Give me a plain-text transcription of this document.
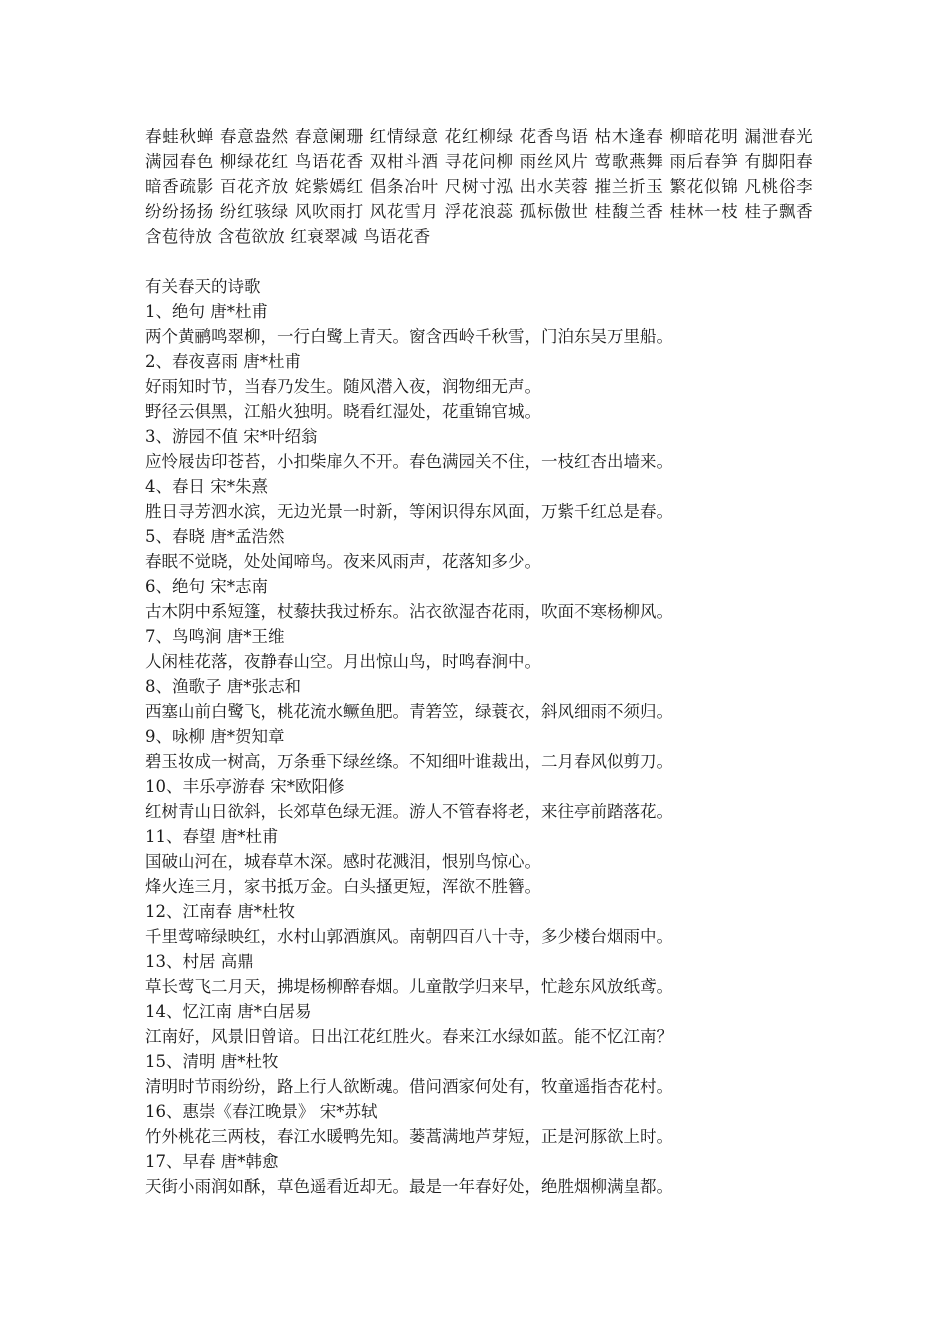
春蛙秋蝉 春意盎然 春意阑珊 红情绿意 花红柳绿 花香鸟语 枯木逢春 柳暗花明 漏泄春光 满园春色 柳绿花红 鸟语花香 双柑斗酒 寻花问柳 雨丝风片 莺歌燕舞 雨后春笋 有脚阳春 暗香疏影 百花齐放 姹紫嫣红 倡条冶叶 尺树寸泓 出水芙蓉 摧兰折玉 繁花似锦 凡桃俗李 纷纷扬扬 纷红骇绿 风吹雨打 风花雪月 浮花浪蕊 孤标傲世 桂馥兰香 桂林一枝 桂子飘香 含苞待放 含苞欲放 红衰翠减 鸟语花香

有关春天的诗歌

1、绝句 唐*杜甫

两个黄鹂鸣翠柳，一行白鹭上青天。窗含西岭千秋雪，门泊东吴万里船。

2、春夜喜雨 唐*杜甫

好雨知时节，当春乃发生。随风潜入夜，润物细无声。

野径云俱黑，江船火独明。晓看红湿处，花重锦官城。

3、游园不值 宋*叶绍翁

应怜屐齿印苍苔，小扣柴扉久不开。春色满园关不住，一枝红杏出墙来。

4、春日 宋*朱熹

胜日寻芳泗水滨，无边光景一时新，等闲识得东风面，万紫千红总是春。

5、春晓 唐*孟浩然

春眠不觉晓，处处闻啼鸟。夜来风雨声，花落知多少。

6、绝句 宋*志南

古木阴中系短篷，杖藜扶我过桥东。沾衣欲湿杏花雨，吹面不寒杨柳风。

7、鸟鸣涧 唐*王维

人闲桂花落，夜静春山空。月出惊山鸟，时鸣春涧中。

8、渔歌子 唐*张志和

西塞山前白鹭飞，桃花流水鳜鱼肥。青箬笠，绿蓑衣，斜风细雨不须归。

9、咏柳 唐*贺知章

碧玉妆成一树高，万条垂下绿丝绦。不知细叶谁裁出，二月春风似剪刀。

10、丰乐亭游春 宋*欧阳修

红树青山日欲斜，长郊草色绿无涯。游人不管春将老，来往亭前踏落花。

11、春望 唐*杜甫

国破山河在，城春草木深。感时花溅泪，恨别鸟惊心。

烽火连三月，家书抵万金。白头搔更短，浑欲不胜簪。

12、江南春 唐*杜牧

千里莺啼绿映红，水村山郭酒旗风。南朝四百八十寺，多少楼台烟雨中。

13、村居 高鼎

草长莺飞二月天，拂堤杨柳醉春烟。儿童散学归来早，忙趁东风放纸鸢。

14、忆江南 唐*白居易

江南好，风景旧曾谙。日出江花红胜火。春来江水绿如蓝。能不忆江南？

15、清明 唐*杜牧

清明时节雨纷纷，路上行人欲断魂。借问酒家何处有，牧童遥指杏花村。

16、惠崇《春江晚景》 宋*苏轼

竹外桃花三两枝，春江水暖鸭先知。蒌蒿满地芦芽短，正是河豚欲上时。

17、早春 唐*韩愈

天街小雨润如酥，草色遥看近却无。最是一年春好处，绝胜烟柳满皇都。
